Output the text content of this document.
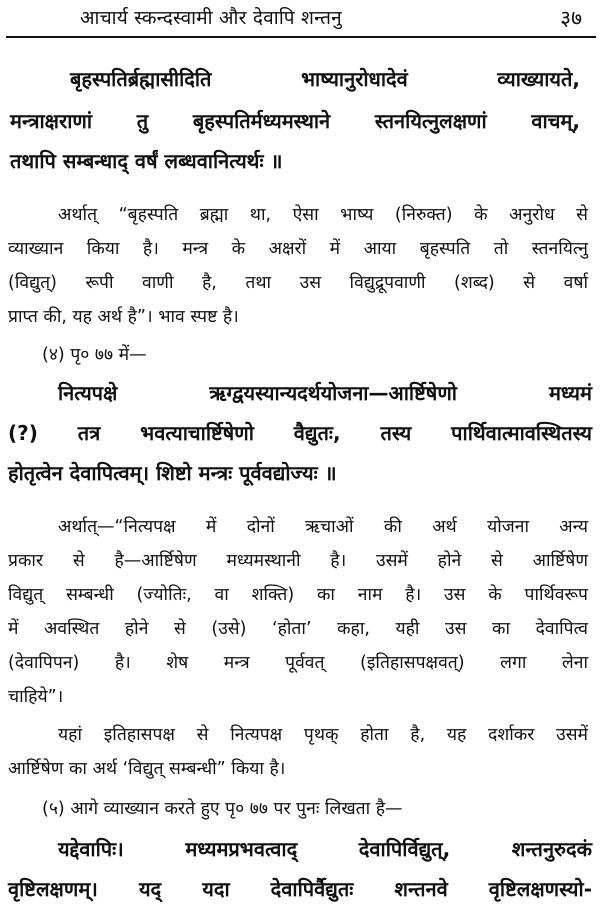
आचार्य स्कन्दस्वामी और देवापि शन्तनु	३७
बृहस्पतिर्ब्रह्मासीदिति भाष्यानुरोधादेवं व्याख्यायते,
मन्त्राक्षराणां तु बृहस्पतिर्मध्यमस्थाने स्तनयित्नुलक्षणां वाचम्,
तथापि सम्बन्धाद् वर्षं लब्धवानित्यर्थः ॥
अर्थात् “बृहस्पति ब्रह्मा था, ऐसा भाष्य (निरुक्त) के अनुरोध से
व्याख्यान किया है। मन्त्र के अक्षरों में आया बृहस्पति तो स्तनयित्नु
(विद्युत्) रूपी वाणी है, तथा उस विद्युद्रूपवाणी (शब्द) से वर्षा
प्राप्त की, यह अर्थ है”। भाव स्पष्ट है।
(४) पृ० ७७ में—
नित्यपक्षे ऋग्द्वयस्यान्यदर्थयोजना—आर्ष्टिषेणो मध्यमं
(?) तत्र भवत्याचार्ष्टिषेणो वैद्युतः, तस्य पार्थिवात्मावस्थितस्य
होतृत्वेन देवापित्वम्। शिष्टो मन्त्रः पूर्ववद्योज्यः ॥
अर्थात्—“नित्यपक्ष में दोनों ऋचाओं की अर्थ योजना अन्य
प्रकार से है—आर्ष्टिषेण मध्यमस्थानी है। उसमें होने से आर्ष्टिषेण
विद्युत् सम्बन्धी (ज्योतिः, वा शक्ति) का नाम है। उस के पार्थिवरूप
में अवस्थित होने से (उसे) ‘होता’ कहा, यही उस का देवापित्व
(देवापिपन) है। शेष मन्त्र पूर्ववत् (इतिहासपक्षवत्) लगा लेना
चाहिये”।
यहां इतिहासपक्ष से नित्यपक्ष पृथक् होता है, यह दर्शाकर उसमें
आर्ष्टिषेण का अर्थ ‘विद्युत् सम्बन्धी” किया है।
(५) आगे व्याख्यान करते हुए पृ० ७७ पर पुनः लिखता है—
यद्देवापिः। मध्यमप्रभवत्वाद् देवापिर्विद्युत्, शन्तनुरुदकं
वृष्टिलक्षणम्। यद् यदा देवापिर्वैद्युतः शन्तनवे वृष्टिलक्षणस्यो-
